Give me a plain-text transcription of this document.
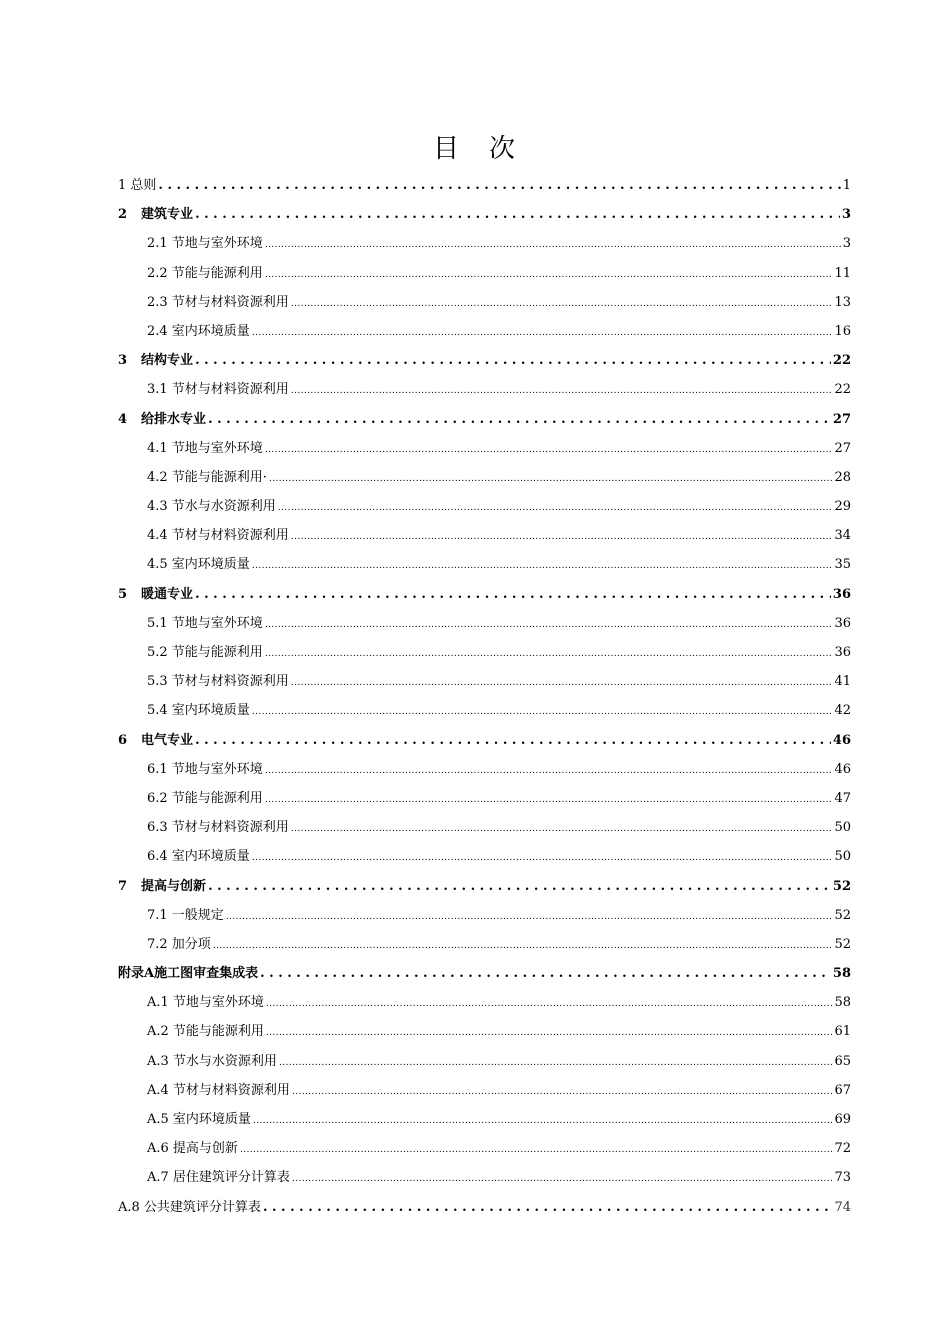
目　次
1 总则 . . .	1
2 建筑专业 . . .	3
2.1 节地与室外环境 .....	3
2.2 节能与能源利用 .....	11
2.3 节材与材料资源利用 .....	13
2.4 室内环境质量 .....	16
3 结构专业 . . .	22
3.1 节材与材料资源利用 .....	22
4 给排水专业 . . .	27
4.1 节地与室外环境 .....	27
4.2 节能与能源利用· .....	28
4.3 节水与水资源利用 .....	29
4.4 节材与材料资源利用 .....	34
4.5 室内环境质量 .....	35
5 暖通专业 . . .	36
5.1 节地与室外环境 .....	36
5.2 节能与能源利用 .....	36
5.3 节材与材料资源利用 .....	41
5.4 室内环境质量 .....	42
6 电气专业 . . .	46
6.1 节地与室外环境 .....	46
6.2 节能与能源利用 .....	47
6.3 节材与材料资源利用 .....	50
6.4 室内环境质量 .....	50
7 提高与创新 . . .	52
7.1 一般规定 .....	52
7.2 加分项 .....	52
附录A施工图审查集成表 . . .	58
A.1 节地与室外环境 .....	58
A.2 节能与能源利用 .....	61
A.3 节水与水资源利用 .....	65
A.4 节材与材料资源利用 .....	67
A.5 室内环境质量 .....	69
A.6 提高与创新 .....	72
A.7 居住建筑评分计算表 .....	73
A.8 公共建筑评分计算表 . . .	74
